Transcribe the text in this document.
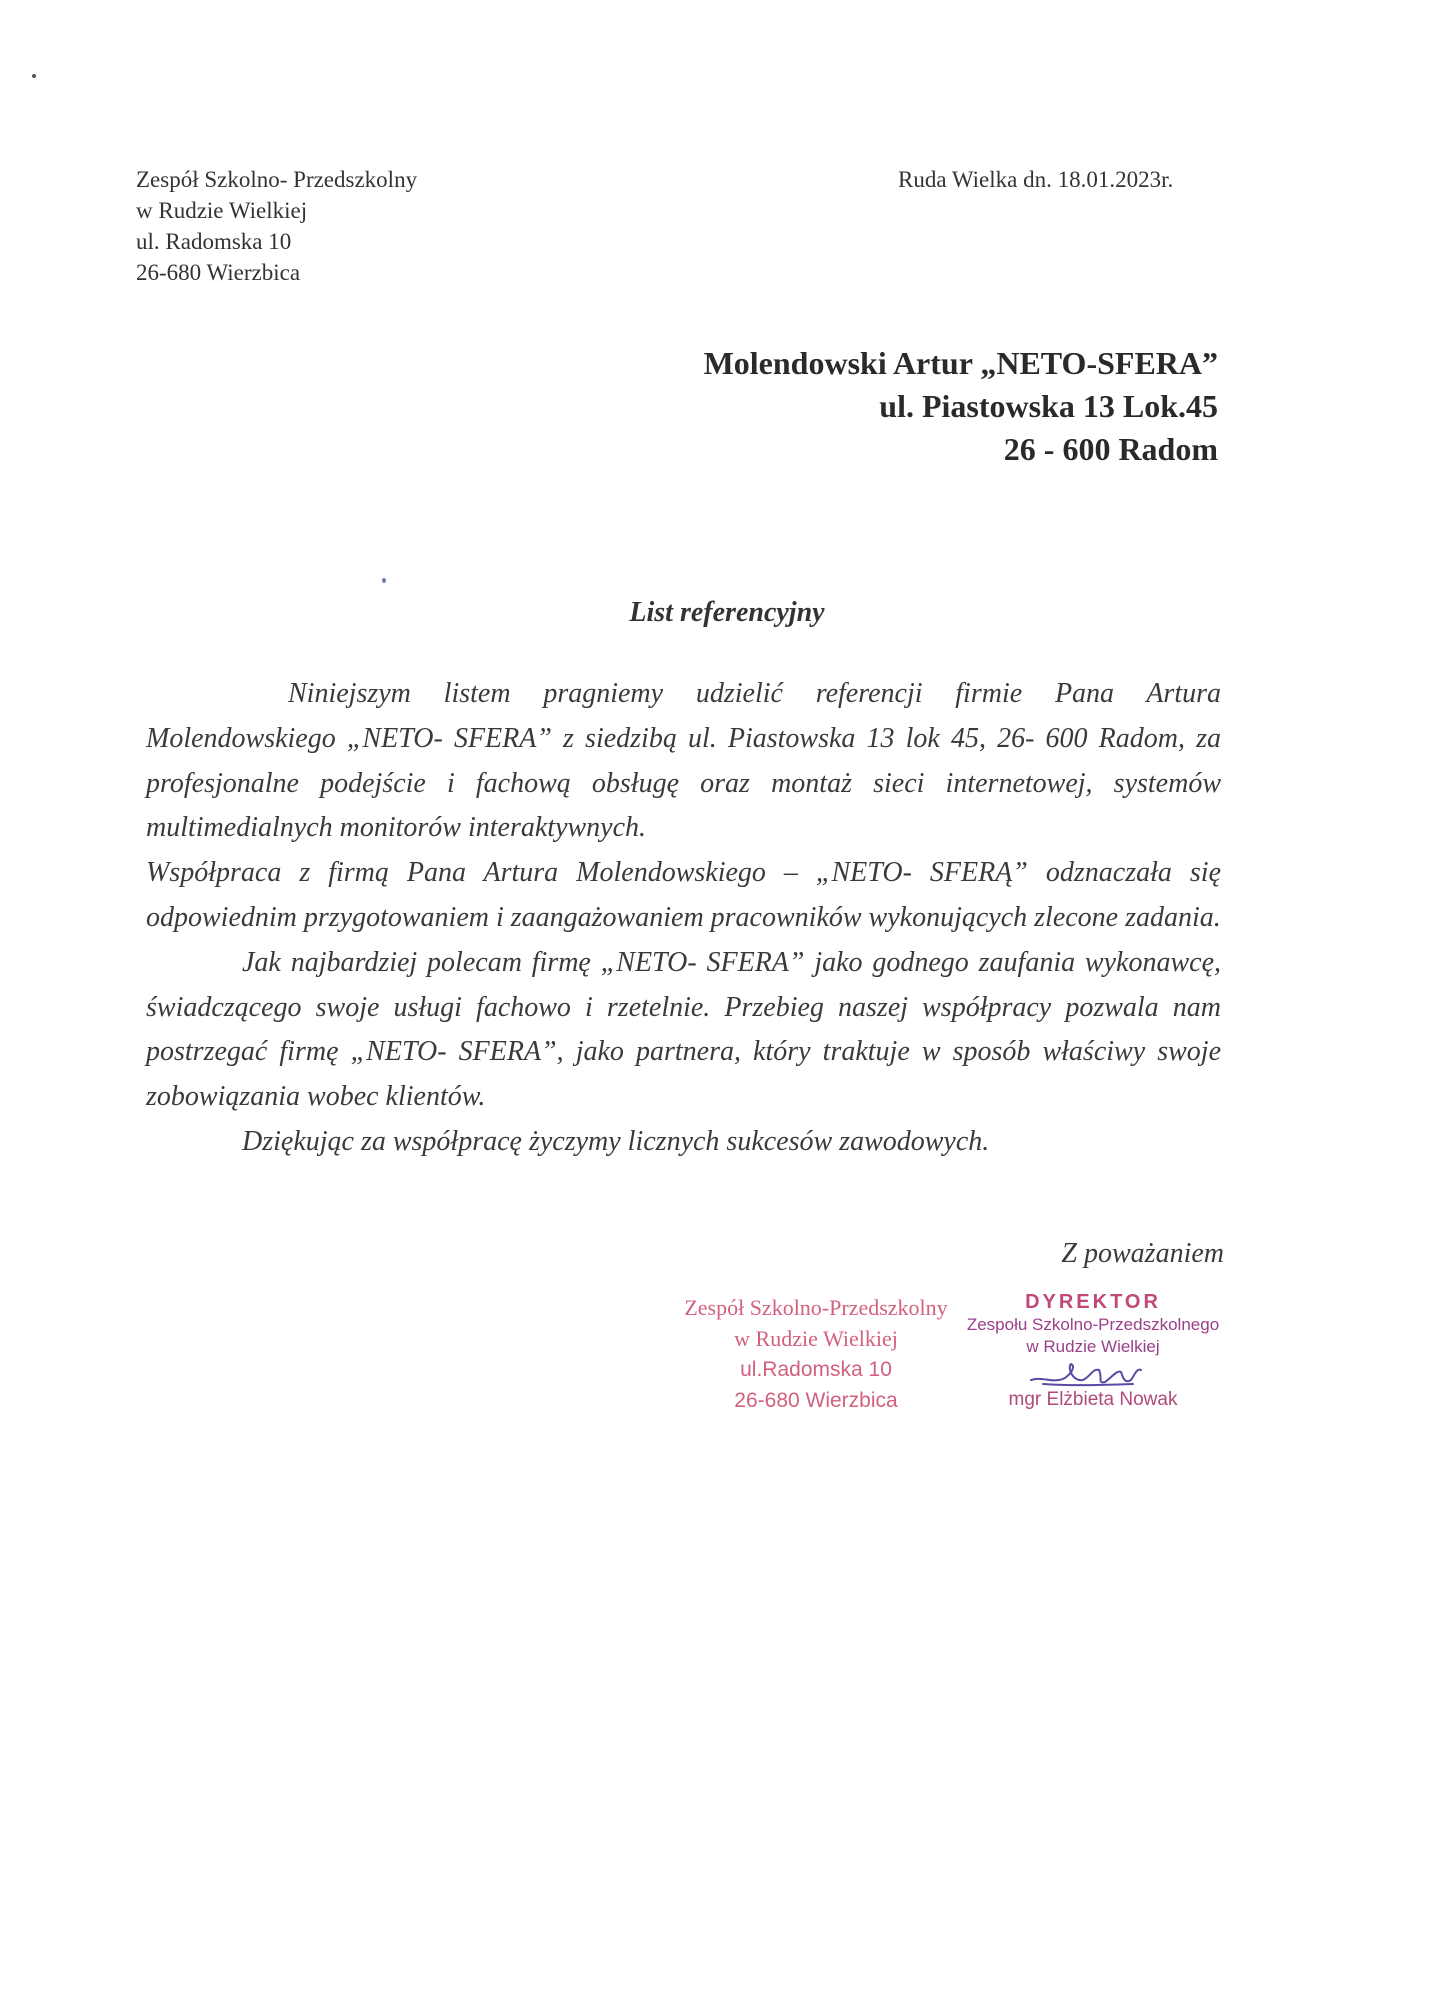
Zespół Szkolno- Przedszkolny
w Rudzie Wielkiej
ul. Radomska 10
26-680 Wierzbica
Ruda Wielka dn. 18.01.2023r.
Molendowski Artur „NETO-SFERA”
ul. Piastowska 13 Lok.45
26 - 600 Radom
List referencyjny

Niniejszym listem pragniemy udzielić referencji firmie Pana Artura Molendowskiego „NETO- SFERA” z siedzibą ul. Piastowska 13 lok 45, 26- 600 Radom, za profesjonalne podejście i fachową obsługę oraz montaż sieci internetowej, systemów multimedialnych monitorów interaktywnych.

Współpraca z firmą Pana Artura Molendowskiego – „NETO- SFERĄ” odznaczała się odpowiednim przygotowaniem i zaangażowaniem pracowników wykonujących zlecone zadania.

Jak najbardziej polecam firmę „NETO- SFERA” jako godnego zaufania wykonawcę, świadczącego swoje usługi fachowo i rzetelnie. Przebieg naszej współpracy pozwala nam postrzegać firmę „NETO- SFERA”, jako partnera, który traktuje w sposób właściwy swoje zobowiązania wobec klientów.

Dziękując za współpracę życzymy licznych sukcesów zawodowych.

Z poważaniem
Zespół Szkolno-Przedszkolny
w Rudzie Wielkiej
ul.Radomska 10
26-680 Wierzbica
DYREKTOR
Zespołu Szkolno-Przedszkolnego
w Rudzie Wielkiej
mgr Elżbieta Nowak
